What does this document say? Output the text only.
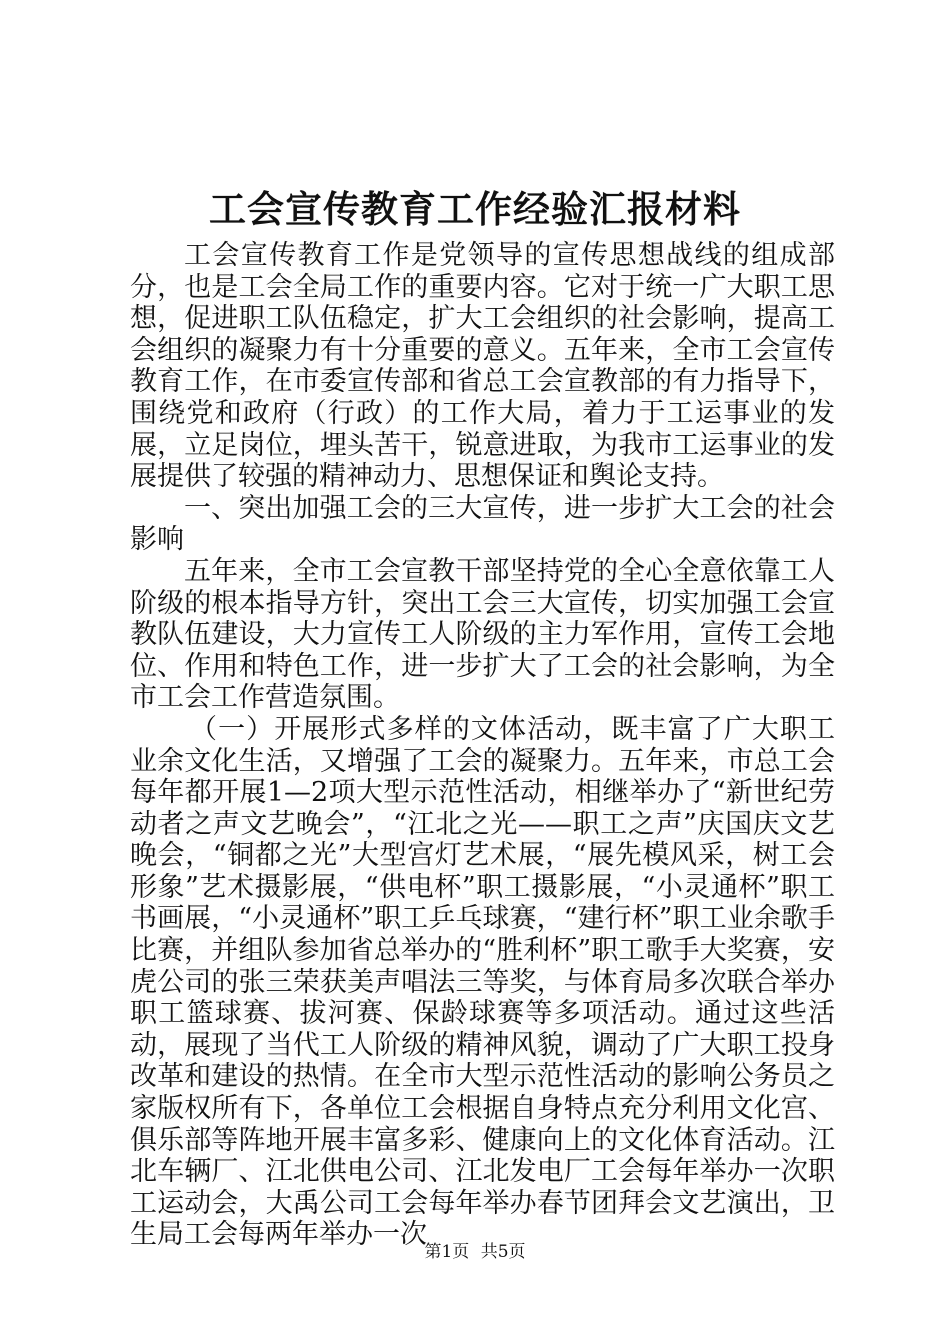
工会宣传教育工作经验汇报材料

工会宣传教育工作是党领导的宣传思想战线的组成部分，也是工会全局工作的重要内容。它对于统一广大职工思想，促进职工队伍稳定，扩大工会组织的社会影响，提高工会组织的凝聚力有十分重要的意义。五年来，全市工会宣传教育工作，在市委宣传部和省总工会宣教部的有力指导下，围绕党和政府（行政）的工作大局，着力于工运事业的发展，立足岗位，埋头苦干，锐意进取，为我市工运事业的发展提供了较强的精神动力、思想保证和舆论支持。

一、突出加强工会的三大宣传，进一步扩大工会的社会影响

五年来，全市工会宣教干部坚持党的全心全意依靠工人阶级的根本指导方针，突出工会三大宣传，切实加强工会宣教队伍建设，大力宣传工人阶级的主力军作用，宣传工会地位、作用和特色工作，进一步扩大了工会的社会影响，为全市工会工作营造氛围。

（一）开展形式多样的文体活动，既丰富了广大职工业余文化生活，又增强了工会的凝聚力。五年来，市总工会每年都开展1—2项大型示范性活动，相继举办了“新世纪劳动者之声文艺晚会”，“江北之光——职工之声”庆国庆文艺晚会，“铜都之光”大型宫灯艺术展，“展先模风采，树工会形象”艺术摄影展，“供电杯”职工摄影展，“小灵通杯”职工书画展，“小灵通杯”职工乒乓球赛，“建行杯”职工业余歌手比赛，并组队参加省总举办的“胜利杯”职工歌手大奖赛，安虎公司的张三荣获美声唱法三等奖，与体育局多次联合举办职工篮球赛、拔河赛、保龄球赛等多项活动。通过这些活动，展现了当代工人阶级的精神风貌，调动了广大职工投身改革和建设的热情。在全市大型示范性活动的影响公务员之家版权所有下，各单位工会根据自身特点充分利用文化宫、俱乐部等阵地开展丰富多彩、健康向上的文化体育活动。江北车辆厂、江北供电公司、江北发电厂工会每年举办一次职工运动会，大禹公司工会每年举办春节团拜会文艺演出，卫生局工会每两年举办一次

第1页 共5页
